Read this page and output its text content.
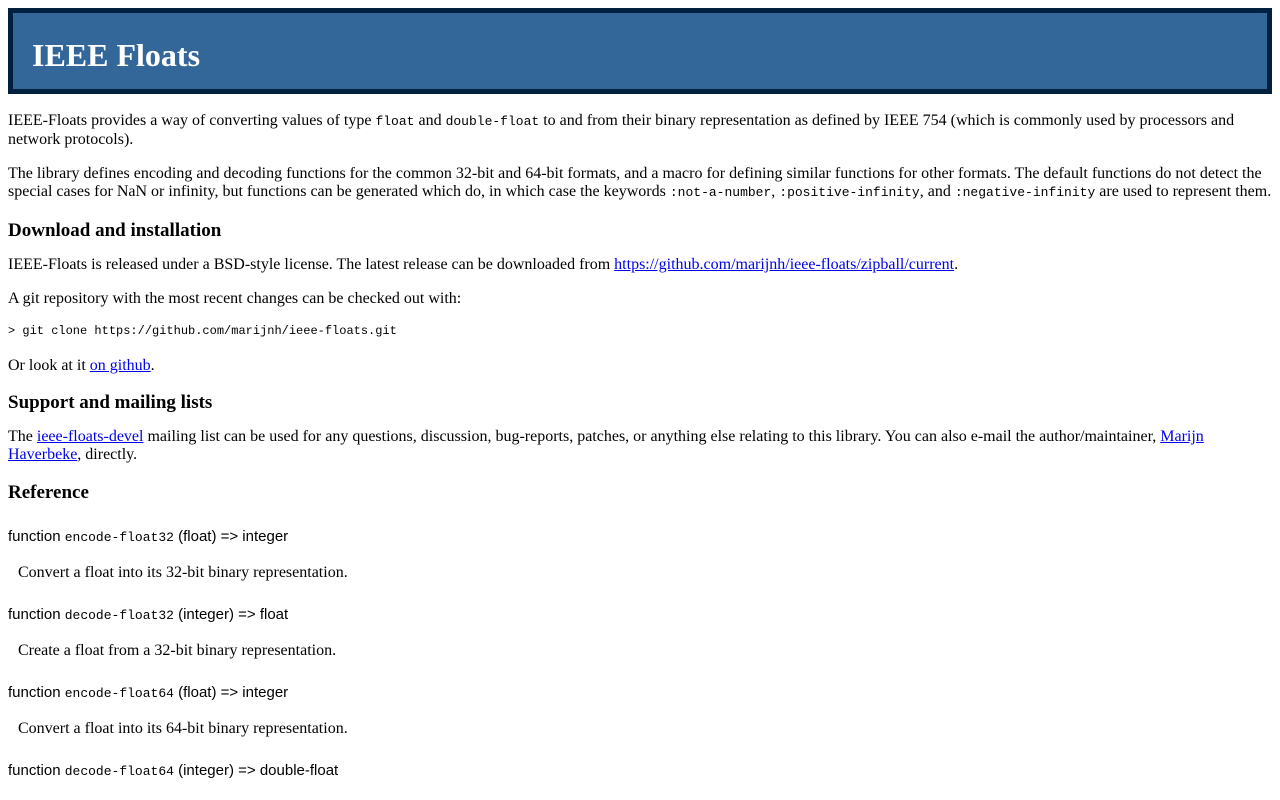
IEEE Floats

IEEE-Floats provides a way of converting values of type float and double-float to and from their binary representation as defined by IEEE 754 (which is commonly used by processors and network protocols).

The library defines encoding and decoding functions for the common 32-bit and 64-bit formats, and a macro for defining similar functions for other formats. The default functions do not detect the special cases for NaN or infinity, but functions can be generated which do, in which case the keywords :not-a-number, :positive-infinity, and :negative-infinity are used to represent them.

Download and installation

IEEE-Floats is released under a BSD-style license. The latest release can be downloaded from https://github.com/marijnh/ieee-floats/zipball/current.

A git repository with the most recent changes can be checked out with:

> git clone https://github.com/marijnh/ieee-floats.git

Or look at it on github.

Support and mailing lists

The ieee-floats-devel mailing list can be used for any questions, discussion, bug-reports, patches, or anything else relating to this library. You can also e-mail the author/maintainer, Marijn Haverbeke, directly.

Reference
function encode-float32 (float) => integer

Convert a float into its 32-bit binary representation.

function decode-float32 (integer) => float

Create a float from a 32-bit binary representation.

function encode-float64 (float) => integer

Convert a float into its 64-bit binary representation.

function decode-float64 (integer) => double-float
